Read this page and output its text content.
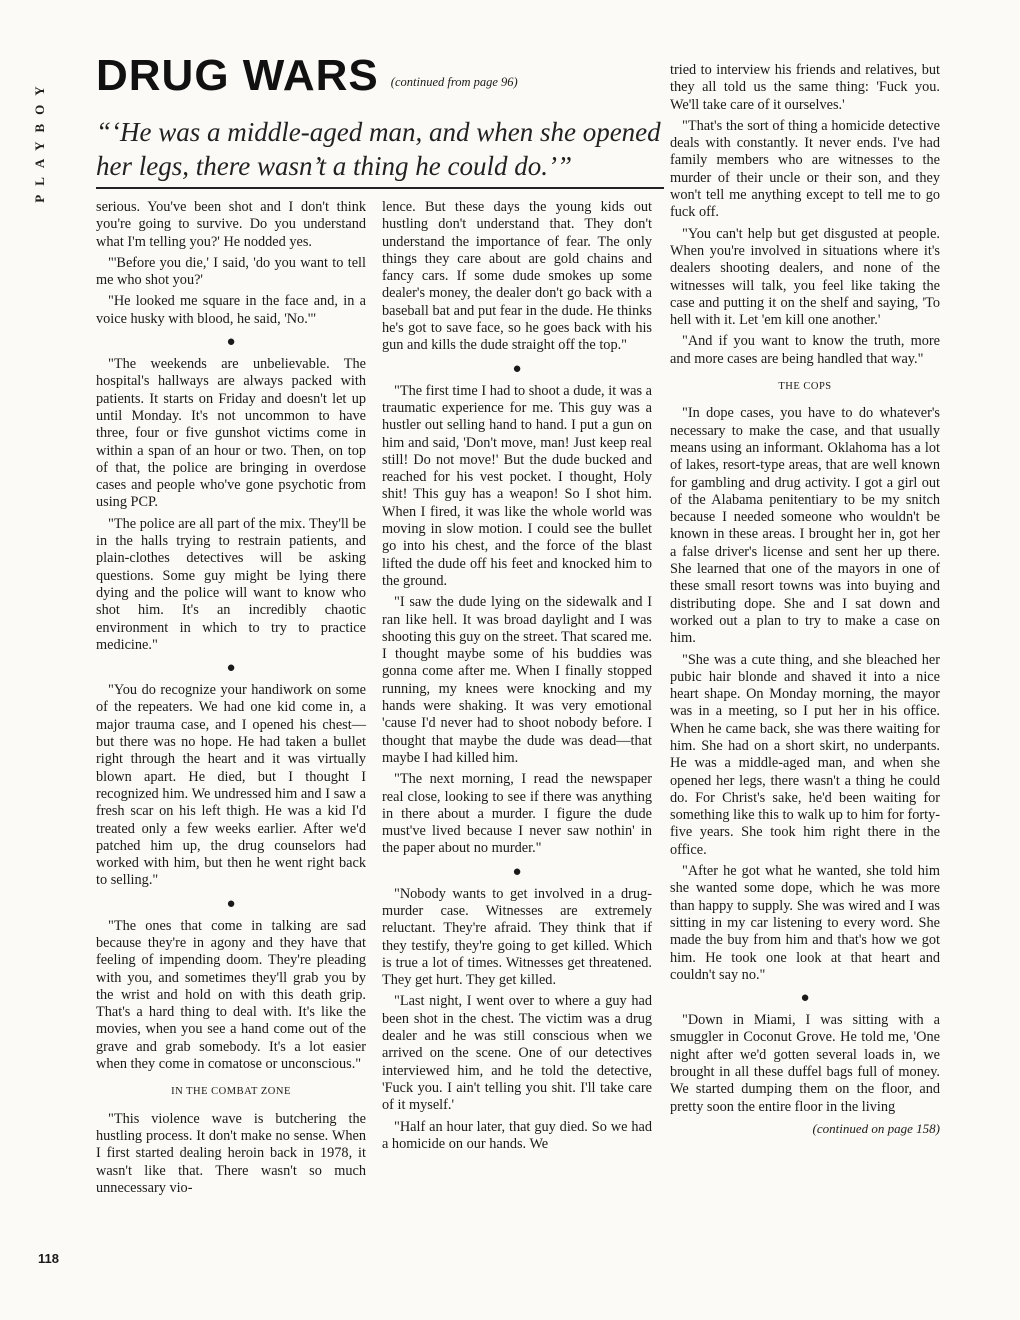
PLAYBOY
DRUG WARS $^{(continued from page 96)}$
“‘He was a middle-aged man, and when she opened her legs, there wasn’t a thing he could do.’”

serious. You've been shot and I don't think you're going to survive. Do you understand what I'm telling you?' He nodded yes.

"'Before you die,' I said, 'do you want to tell me who shot you?'

"He looked me square in the face and, in a voice husky with blood, he said, 'No.'"

●

"The weekends are unbelievable. The hospital's hallways are always packed with patients. It starts on Friday and doesn't let up until Monday. It's not uncommon to have three, four or five gunshot victims come in within a span of an hour or two. Then, on top of that, the police are bringing in overdose cases and people who've gone psychotic from using PCP.

"The police are all part of the mix. They'll be in the halls trying to restrain patients, and plain-clothes detectives will be asking questions. Some guy might be lying there dying and the police will want to know who shot him. It's an incredibly chaotic environment in which to try to practice medicine."

●

"You do recognize your handiwork on some of the repeaters. We had one kid come in, a major trauma case, and I opened his chest—but there was no hope. He had taken a bullet right through the heart and it was virtually blown apart. He died, but I thought I recognized him. We undressed him and I saw a fresh scar on his left thigh. He was a kid I'd treated only a few weeks earlier. After we'd patched him up, the drug counselors had worked with him, but then he went right back to selling."

●

"The ones that come in talking are sad because they're in agony and they have that feeling of impending doom. They're pleading with you, and sometimes they'll grab you by the wrist and hold on with this death grip. That's a hard thing to deal with. It's like the movies, when you see a hand come out of the grave and grab somebody. It's a lot easier when they come in comatose or unconscious."

IN THE COMBAT ZONE

"This violence wave is butchering the hustling process. It don't make no sense. When I first started dealing heroin back in 1978, it wasn't like that. There wasn't so much unnecessary vio-

lence. But these days the young kids out hustling don't understand that. They don't understand the importance of fear. The only things they care about are gold chains and fancy cars. If some dude smokes up some dealer's money, the dealer don't go back with a baseball bat and put fear in the dude. He thinks he's got to save face, so he goes back with his gun and kills the dude straight off the top."

●

"The first time I had to shoot a dude, it was a traumatic experience for me. This guy was a hustler out selling hand to hand. I put a gun on him and said, 'Don't move, man! Just keep real still! Do not move!' But the dude bucked and reached for his vest pocket. I thought, Holy shit! This guy has a weapon! So I shot him. When I fired, it was like the whole world was moving in slow motion. I could see the bullet go into his chest, and the force of the blast lifted the dude off his feet and knocked him to the ground.

"I saw the dude lying on the sidewalk and I ran like hell. It was broad daylight and I was shooting this guy on the street. That scared me. I thought maybe some of his buddies was gonna come after me. When I finally stopped running, my knees were knocking and my hands were shaking. It was very emotional 'cause I'd never had to shoot nobody before. I thought that maybe the dude was dead—that maybe I had killed him.

"The next morning, I read the newspaper real close, looking to see if there was anything in there about a murder. I figure the dude must've lived because I never saw nothin' in the paper about no murder."

●

"Nobody wants to get involved in a drug-murder case. Witnesses are extremely reluctant. They're afraid. They think that if they testify, they're going to get killed. Which is true a lot of times. Witnesses get threatened. They get hurt. They get killed.

"Last night, I went over to where a guy had been shot in the chest. The victim was a drug dealer and he was still conscious when we arrived on the scene. One of our detectives interviewed him, and he told the detective, 'Fuck you. I ain't telling you shit. I'll take care of it myself.'

"Half an hour later, that guy died. So we had a homicide on our hands. We

tried to interview his friends and relatives, but they all told us the same thing: 'Fuck you. We'll take care of it ourselves.'

"That's the sort of thing a homicide detective deals with constantly. It never ends. I've had family members who are witnesses to the murder of their uncle or their son, and they won't tell me anything except to tell me to go fuck off.

"You can't help but get disgusted at people. When you're involved in situations where it's dealers shooting dealers, and none of the witnesses will talk, you feel like taking the case and putting it on the shelf and saying, 'To hell with it. Let 'em kill one another.'

"And if you want to know the truth, more and more cases are being handled that way."

THE COPS

"In dope cases, you have to do whatever's necessary to make the case, and that usually means using an informant. Oklahoma has a lot of lakes, resort-type areas, that are well known for gambling and drug activity. I got a girl out of the Alabama penitentiary to be my snitch because I needed someone who wouldn't be known in these areas. I brought her in, got her a false driver's license and sent her up there. She learned that one of the mayors in one of these small resort towns was into buying and distributing dope. She and I sat down and worked out a plan to try to make a case on him.

"She was a cute thing, and she bleached her pubic hair blonde and shaved it into a nice heart shape. On Monday morning, the mayor was in a meeting, so I put her in his office. When he came back, she was there waiting for him. She had on a short skirt, no underpants. He was a middle-aged man, and when she opened her legs, there wasn't a thing he could do. For Christ's sake, he'd been waiting for something like this to walk up to him for forty-five years. She took him right there in the office.

"After he got what he wanted, she told him she wanted some dope, which he was more than happy to supply. She was wired and I was sitting in my car listening to every word. She made the buy from him and that's how we got him. He took one look at that heart and couldn't say no."

●

"Down in Miami, I was sitting with a smuggler in Coconut Grove. He told me, 'One night after we'd gotten several loads in, we brought in all these duffel bags full of money. We started dumping them on the floor, and pretty soon the entire floor in the living

(continued on page 158)
118
